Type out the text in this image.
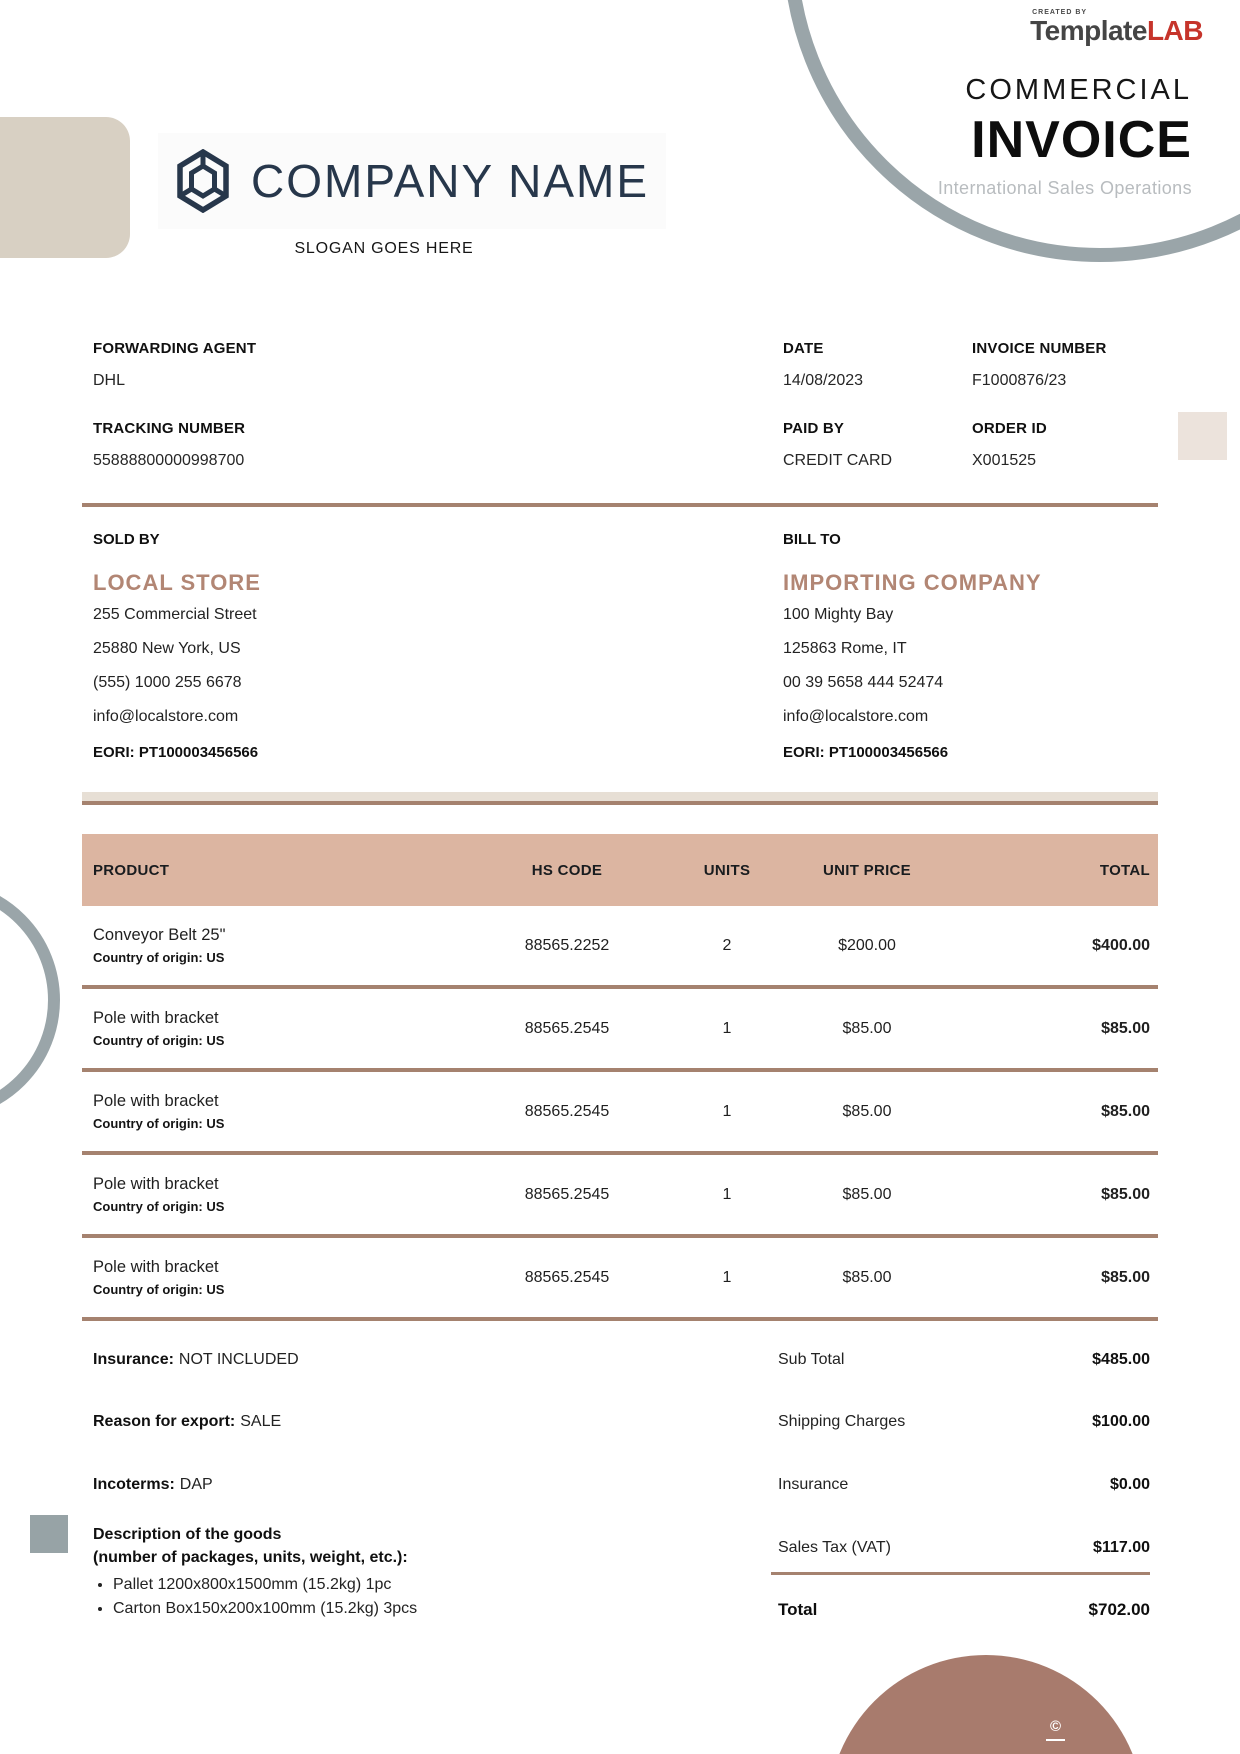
©
CREATED BY
TemplateLAB
COMMERCIAL
INVOICE
International Sales Operations
COMPANY NAME
SLOGAN GOES HERE
FORWARDING AGENT
DHL
DATE
14/08/2023
INVOICE NUMBER
F1000876/23
TRACKING NUMBER
55888800000998700
PAID BY
CREDIT CARD
ORDER ID
X001525
SOLD BY
LOCAL STORE
255 Commercial Street
25880 New York, US
(555) 1000 255 6678
info@localstore.com
EORI: PT100003456566
BILL TO
IMPORTING COMPANY
100 Mighty Bay
125863 Rome, IT
00 39 5658 444 52474
info@localstore.com
EORI: PT100003456566
PRODUCT	HS CODE	UNITS	UNIT PRICE	TOTAL
Conveyor Belt 25"
Country of origin: US
88565.2252	2	$200.00	$400.00
Pole with bracket
Country of origin: US
88565.2545	1	$85.00	$85.00
Pole with bracket
Country of origin: US
88565.2545	1	$85.00	$85.00
Pole with bracket
Country of origin: US
88565.2545	1	$85.00	$85.00
Pole with bracket
Country of origin: US
88565.2545	1	$85.00	$85.00
Insurance: NOT INCLUDED
Reason for export: SALE
Incoterms: DAP
Description of the goods
(number of packages, units, weight, etc.):
• Pallet 1200x800x1500mm (15.2kg) 1pc
• Carton Box150x200x100mm (15.2kg) 3pcs
Sub Total	$485.00
Shipping Charges	$100.00
Insurance	$0.00
Sales Tax (VAT)	$117.00
Total	$702.00
